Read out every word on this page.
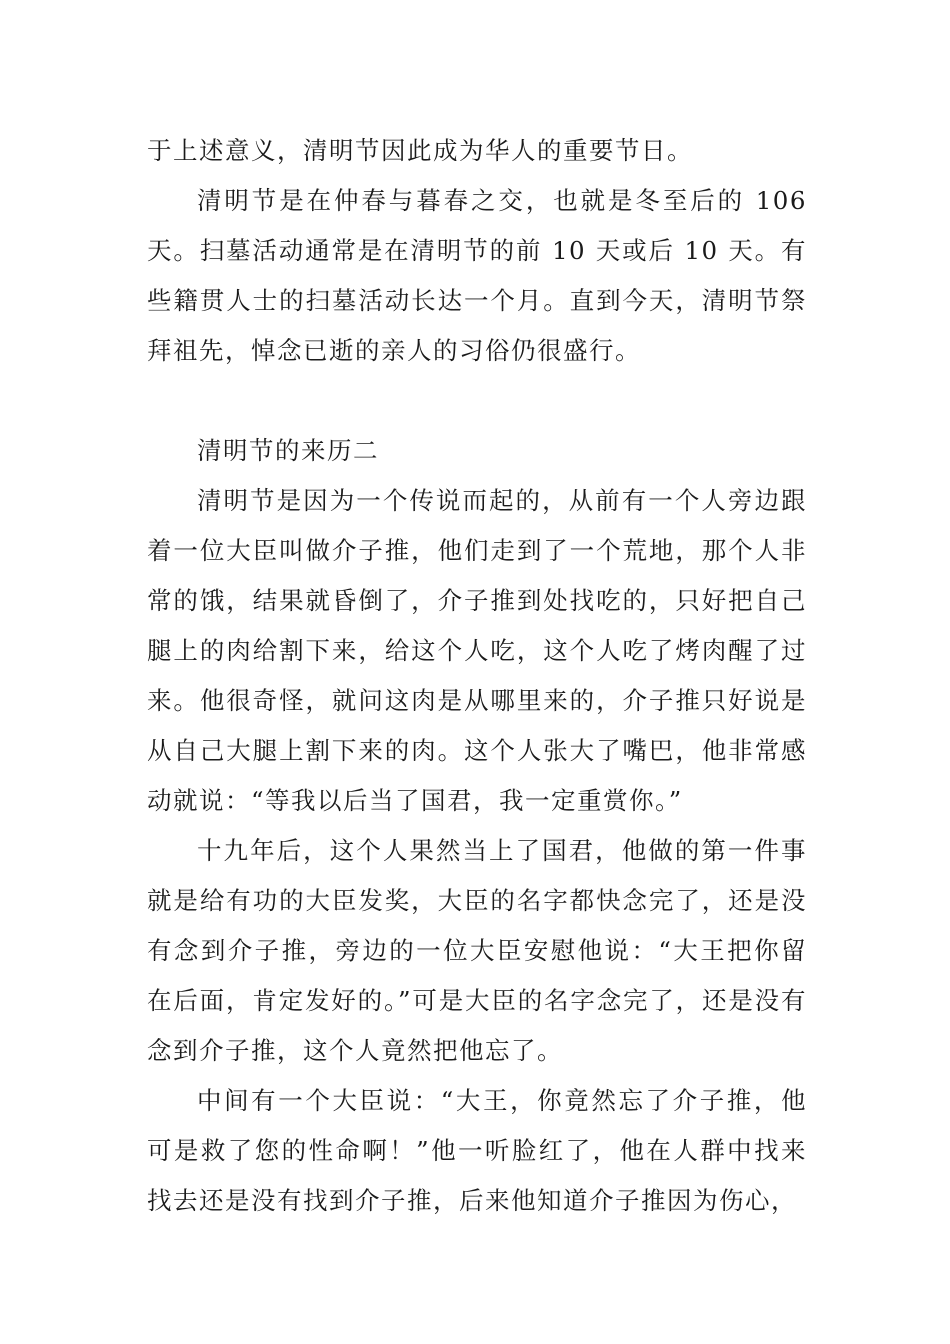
于上述意义，清明节因此成为华人的重要节日。

清明节是在仲春与暮春之交，也就是冬至后的 106 天。扫墓活动通常是在清明节的前 10 天或后 10 天。有些籍贯人士的扫墓活动长达一个月。直到今天，清明节祭拜祖先，悼念已逝的亲人的习俗仍很盛行。

清明节的来历二

清明节是因为一个传说而起的，从前有一个人旁边跟着一位大臣叫做介子推，他们走到了一个荒地，那个人非常的饿，结果就昏倒了，介子推到处找吃的，只好把自己腿上的肉给割下来，给这个人吃，这个人吃了烤肉醒了过来。他很奇怪，就问这肉是从哪里来的，介子推只好说是从自己大腿上割下来的肉。这个人张大了嘴巴，他非常感动就说：“等我以后当了国君，我一定重赏你。”

十九年后，这个人果然当上了国君，他做的第一件事就是给有功的大臣发奖，大臣的名字都快念完了，还是没有念到介子推，旁边的一位大臣安慰他说：“大王把你留在后面，肯定发好的。”可是大臣的名字念完了，还是没有念到介子推，这个人竟然把他忘了。

中间有一个大臣说：“大王，你竟然忘了介子推，他可是救了您的性命啊！”他一听脸红了，他在人群中找来找去还是没有找到介子推，后来他知道介子推因为伤心，
